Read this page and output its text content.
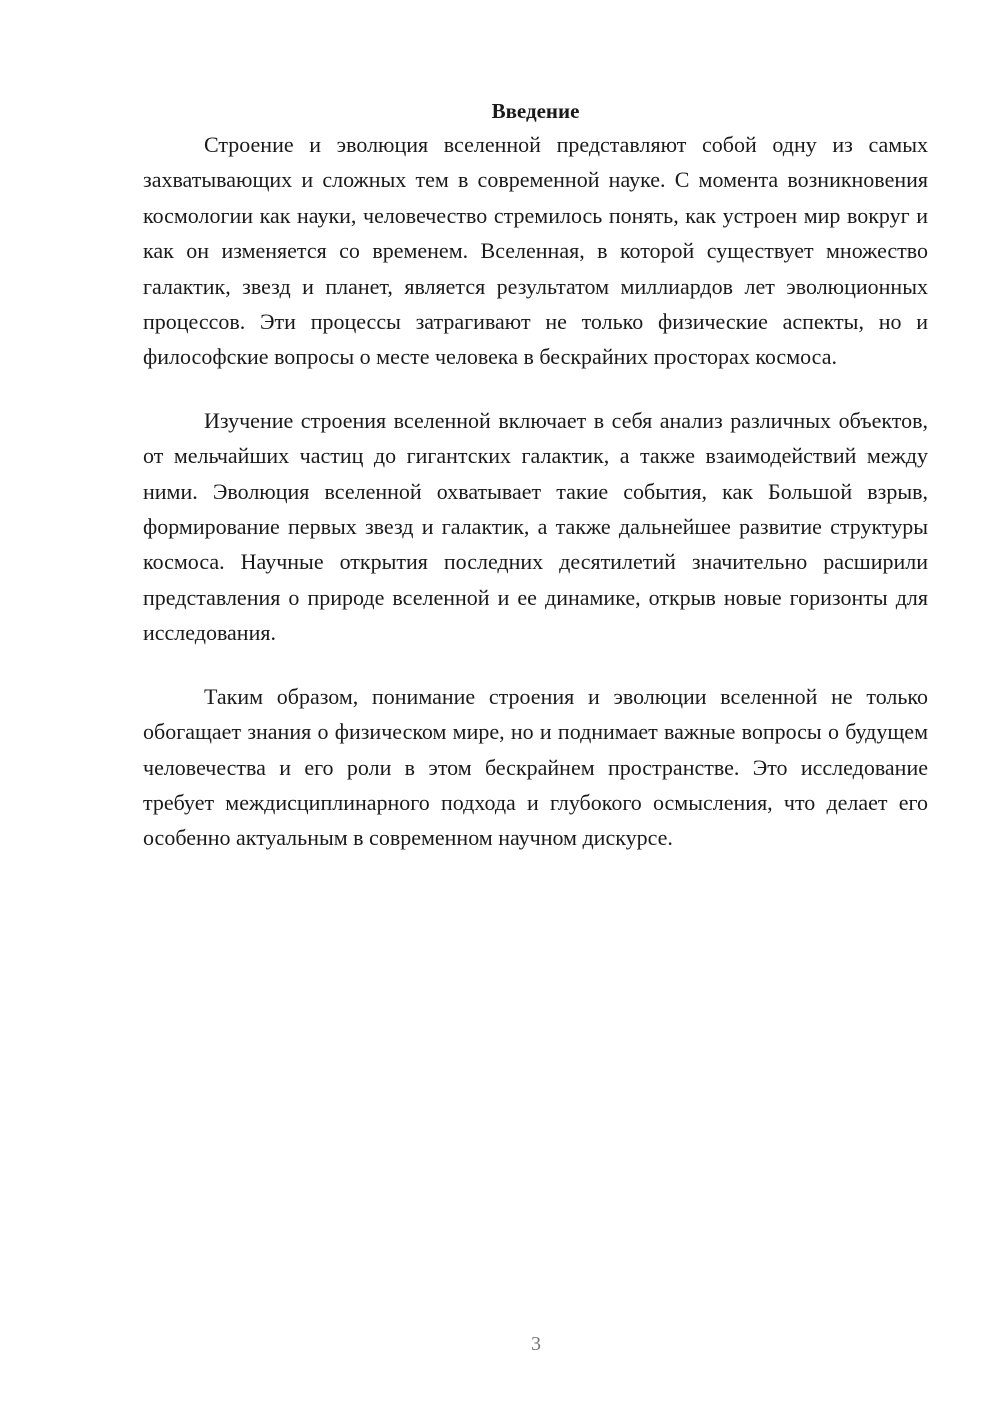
Введение

Строение и эволюция вселенной представляют собой одну из самых захватывающих и сложных тем в современной науке. С момента возникновения космологии как науки, человечество стремилось понять, как устроен мир вокруг и как он изменяется со временем. Вселенная, в которой существует множество галактик, звезд и планет, является результатом миллиардов лет эволюционных процессов. Эти процессы затрагивают не только физические аспекты, но и философские вопросы о месте человека в бескрайних просторах космоса.

Изучение строения вселенной включает в себя анализ различных объектов, от мельчайших частиц до гигантских галактик, а также взаимодействий между ними. Эволюция вселенной охватывает такие события, как Большой взрыв, формирование первых звезд и галактик, а также дальнейшее развитие структуры космоса. Научные открытия последних десятилетий значительно расширили представления о природе вселенной и ее динамике, открыв новые горизонты для исследования.

Таким образом, понимание строения и эволюции вселенной не только обогащает знания о физическом мире, но и поднимает важные вопросы о будущем человечества и его роли в этом бескрайнем пространстве. Это исследование требует междисциплинарного подхода и глубокого осмысления, что делает его особенно актуальным в современном научном дискурсе.

3
